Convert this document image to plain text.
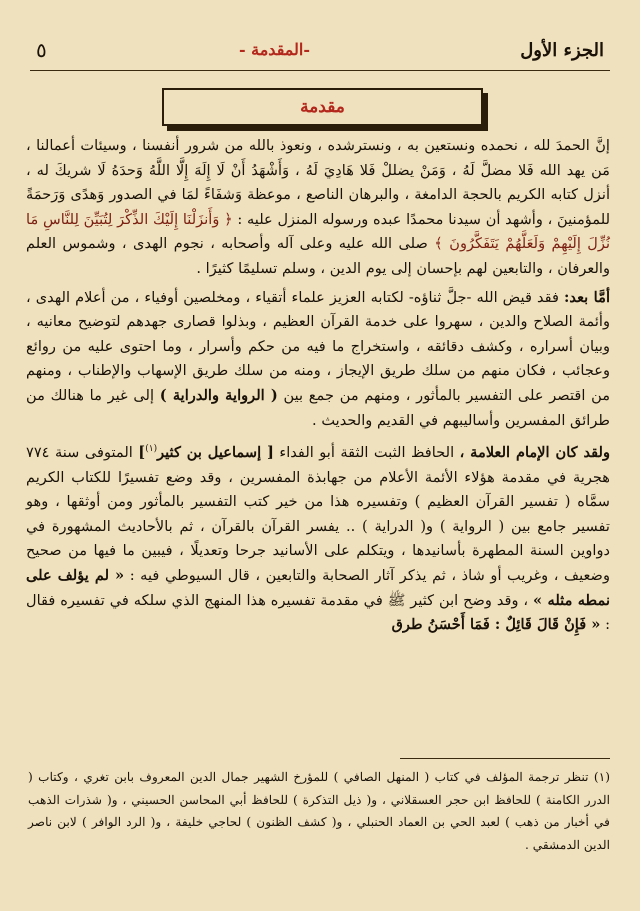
الجزء الأول
-المقدمة -
٥
مقدمة

إنَّ الحمدَ لله ، نحمده ونستعين به ، ونسترشده ، ونعوذ بالله من شرور أنفسنا ، وسيئات أعمالنا ، مَن يهد الله فَلا مضلَّ لَهُ ، وَمَنْ يضللْ فَلا هَادِيَ لَهُ ، وَأَشْهَدُ أَنْ لَا إِلَهَ إِلَّا اللَّهُ وَحدَهُ لَا شريكَ له ، أنزل كتابه الكريم بالحجة الدامغة ، والبرهان الناصع ، موعظة وَشفَاءً لمَا في الصدور وَهدًى وَرَحمَةً للمؤمنينَ ، وأشهد أن سيدنا محمدًا عبده ورسوله المنزل عليه : ﴿ وَأَنزَلْنَا إِلَيْكَ الذِّكْرَ لِتُبَيِّنَ لِلنَّاسِ مَا نُزِّلَ إِلَيْهِمْ وَلَعَلَّهُمْ يَتَفَكَّرُونَ ﴾ صلى الله عليه وعلى آله وأصحابه ، نجوم الهدى ، وشموس العلم والعرفان ، والتابعين لهم بإحسان إلى يوم الدين ، وسلم تسليمًا كثيرًا .

أمَّا بعد: فقد قيض الله -جلَّ ثناؤه- لكتابه العزيز علماء أتقياء ، ومخلصين أوفياء ، من أعلام الهدى ، وأئمة الصلاح والدين ، سهروا على خدمة القرآن العظيم ، وبذلوا قصارى جهدهم لتوضيح معانيه ، وبيان أسراره ، وكشف دقائقه ، واستخراج ما فيه من حكم وأسرار ، وما احتوى عليه من روائع وعجائب ، فكان منهم من سلك طريق الإيجاز ، ومنه من سلك طريق الإسهاب والإطناب ، ومنهم من اقتصر على التفسير بالمأثور ، ومنهم من جمع بين ( الرواية والدراية ) إلى غير ما هنالك من طرائق المفسرين وأساليبهم في القديم والحديث .

ولقد كان الإمام العلامة ، الحافظ الثبت الثقة أبو الفداء [ إسماعيل بن كثير$^{(١)}$] المتوفى سنة ٧٧٤ هجرية في مقدمة هؤلاء الأئمة الأعلام من جهابذة المفسرين ، وقد وضع تفسيرًا للكتاب الكريم سمَّاه ( تفسير القرآن العظيم ) وتفسيره هذا من خير كتب التفسير بالمأثور ومن أوثقها ، وهو تفسير جامع بين ( الرواية ) و( الدراية ) .. يفسر القرآن بالقرآن ، ثم بالأحاديث المشهورة في دواوين السنة المطهرة بأسانيدها ، ويتكلم على الأسانيد جرحا وتعديلًا ، فيبين ما فيها من صحيح وضعيف ، وغريب أو شاذ ، ثم يذكر آثار الصحابة والتابعين ، قال السيوطي فيه : « لم يؤلف على نمطه مثله » ، وقد وضح ابن كثير ﷺ في مقدمة تفسيره هذا المنهج الذي سلكه في تفسيره فقال : « فَإِنْ قَالَ قَائِلٌ : فَمَا أَحْسَنُ طرق

(١) تنظر ترجمة المؤلف في كتاب ( المنهل الصافي ) للمؤرخ الشهير جمال الدين المعروف بابن تغري ، وكتاب ( الدرر الكامنة ) للحافظ ابن حجر العسقلاني ، و( ذيل التذكرة ) للحافظ أبي المحاسن الحسيني ، و( شذرات الذهب في أخبار من ذهب ) لعبد الحي بن العماد الحنبلي ، و( كشف الظنون ) لحاجي خليفة ، و( الرد الوافر ) لابن ناصر الدين الدمشقي .
